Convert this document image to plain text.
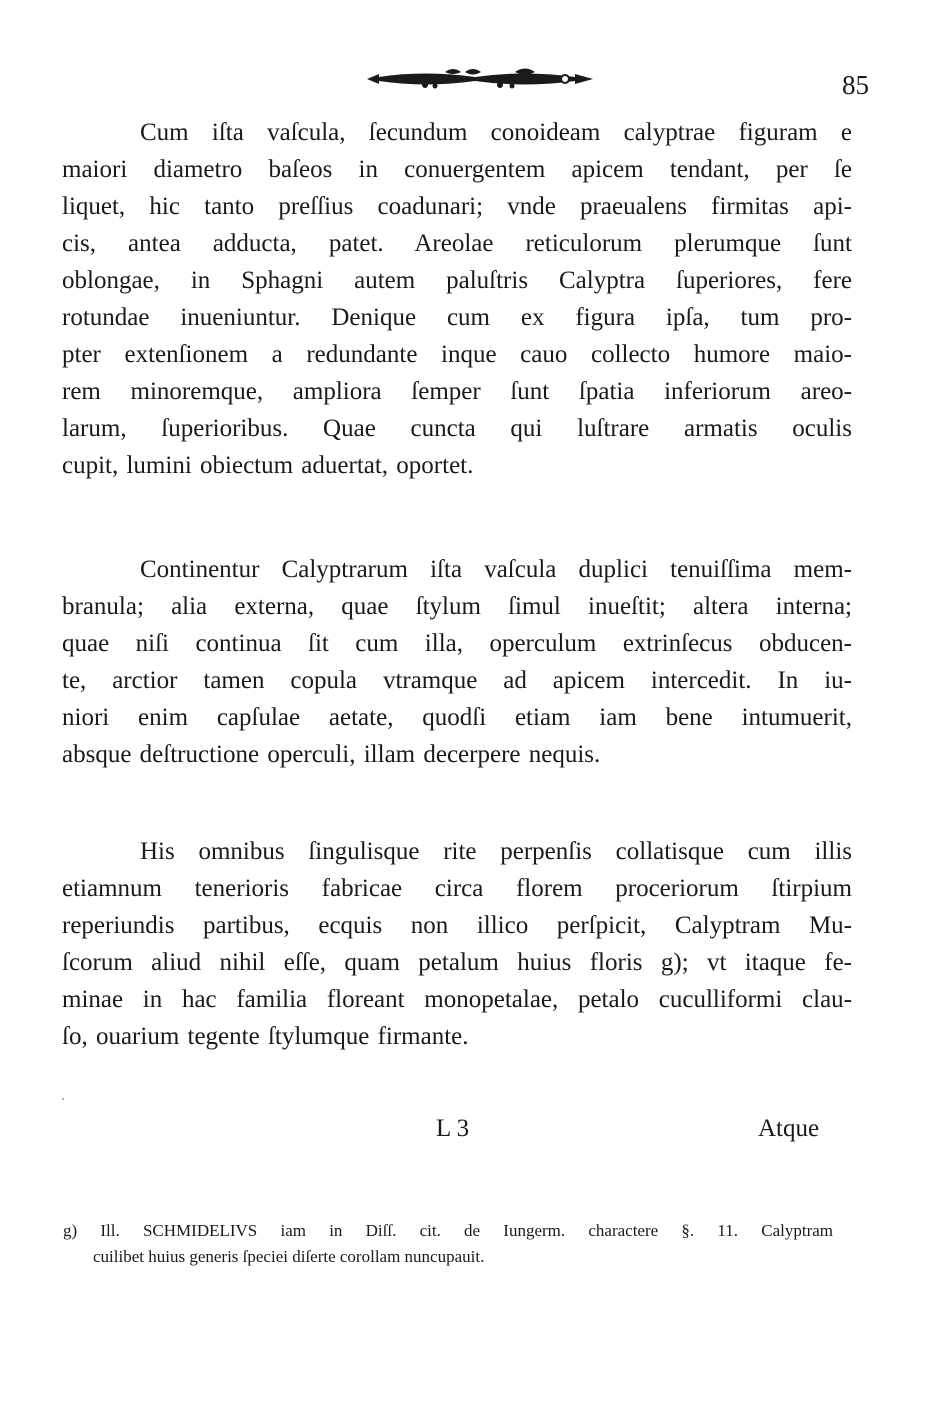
85

Cum iſta vaſcula, ſecundum conoideam calyptrae figuram e
maiori diametro baſeos in conuergentem apicem tendant, per ſe
liquet, hic tanto preſſius coadunari; vnde praeualens firmitas api-
cis, antea adducta, patet. Areolae reticulorum plerumque ſunt
oblongae, in Sphagni autem paluſtris Calyptra ſuperiores, fere
rotundae inueniuntur. Denique cum ex figura ipſa, tum pro-
pter extenſionem a redundante inque cauo collecto humore maio-
rem minoremque, ampliora ſemper ſunt ſpatia inferiorum areo-
larum, ſuperioribus. Quae cuncta qui luſtrare armatis oculis
cupit, lumini obiectum aduertat, oportet.

Continentur Calyptrarum iſta vaſcula duplici tenuiſſima mem-
branula; alia externa, quae ſtylum ſimul inueſtit; altera interna;
quae niſi continua ſit cum illa, operculum extrinſecus obducen-
te, arctior tamen copula vtramque ad apicem intercedit. In iu-
niori enim capſulae aetate, quodſi etiam iam bene intumuerit,
absque deſtructione operculi, illam decerpere nequis.

His omnibus ſingulisque rite perpenſis collatisque cum illis
etiamnum tenerioris fabricae circa florem proceriorum ſtirpium
reperiundis partibus, ecquis non illico perſpicit, Calyptram Mu-
ſcorum aliud nihil eſſe, quam petalum huius floris g); vt itaque fe-
minae in hac familia floreant monopetalae, petalo cuculliformi clau-
ſo, ouarium tegente ſtylumque firmante.

L 3	Atque
g) Ill. SCHMIDELIVS iam in Diſſ. cit. de Iungerm. charactere §. 11. Calyptram
cuilibet huius generis ſpeciei diſerte corollam nuncupauit.
